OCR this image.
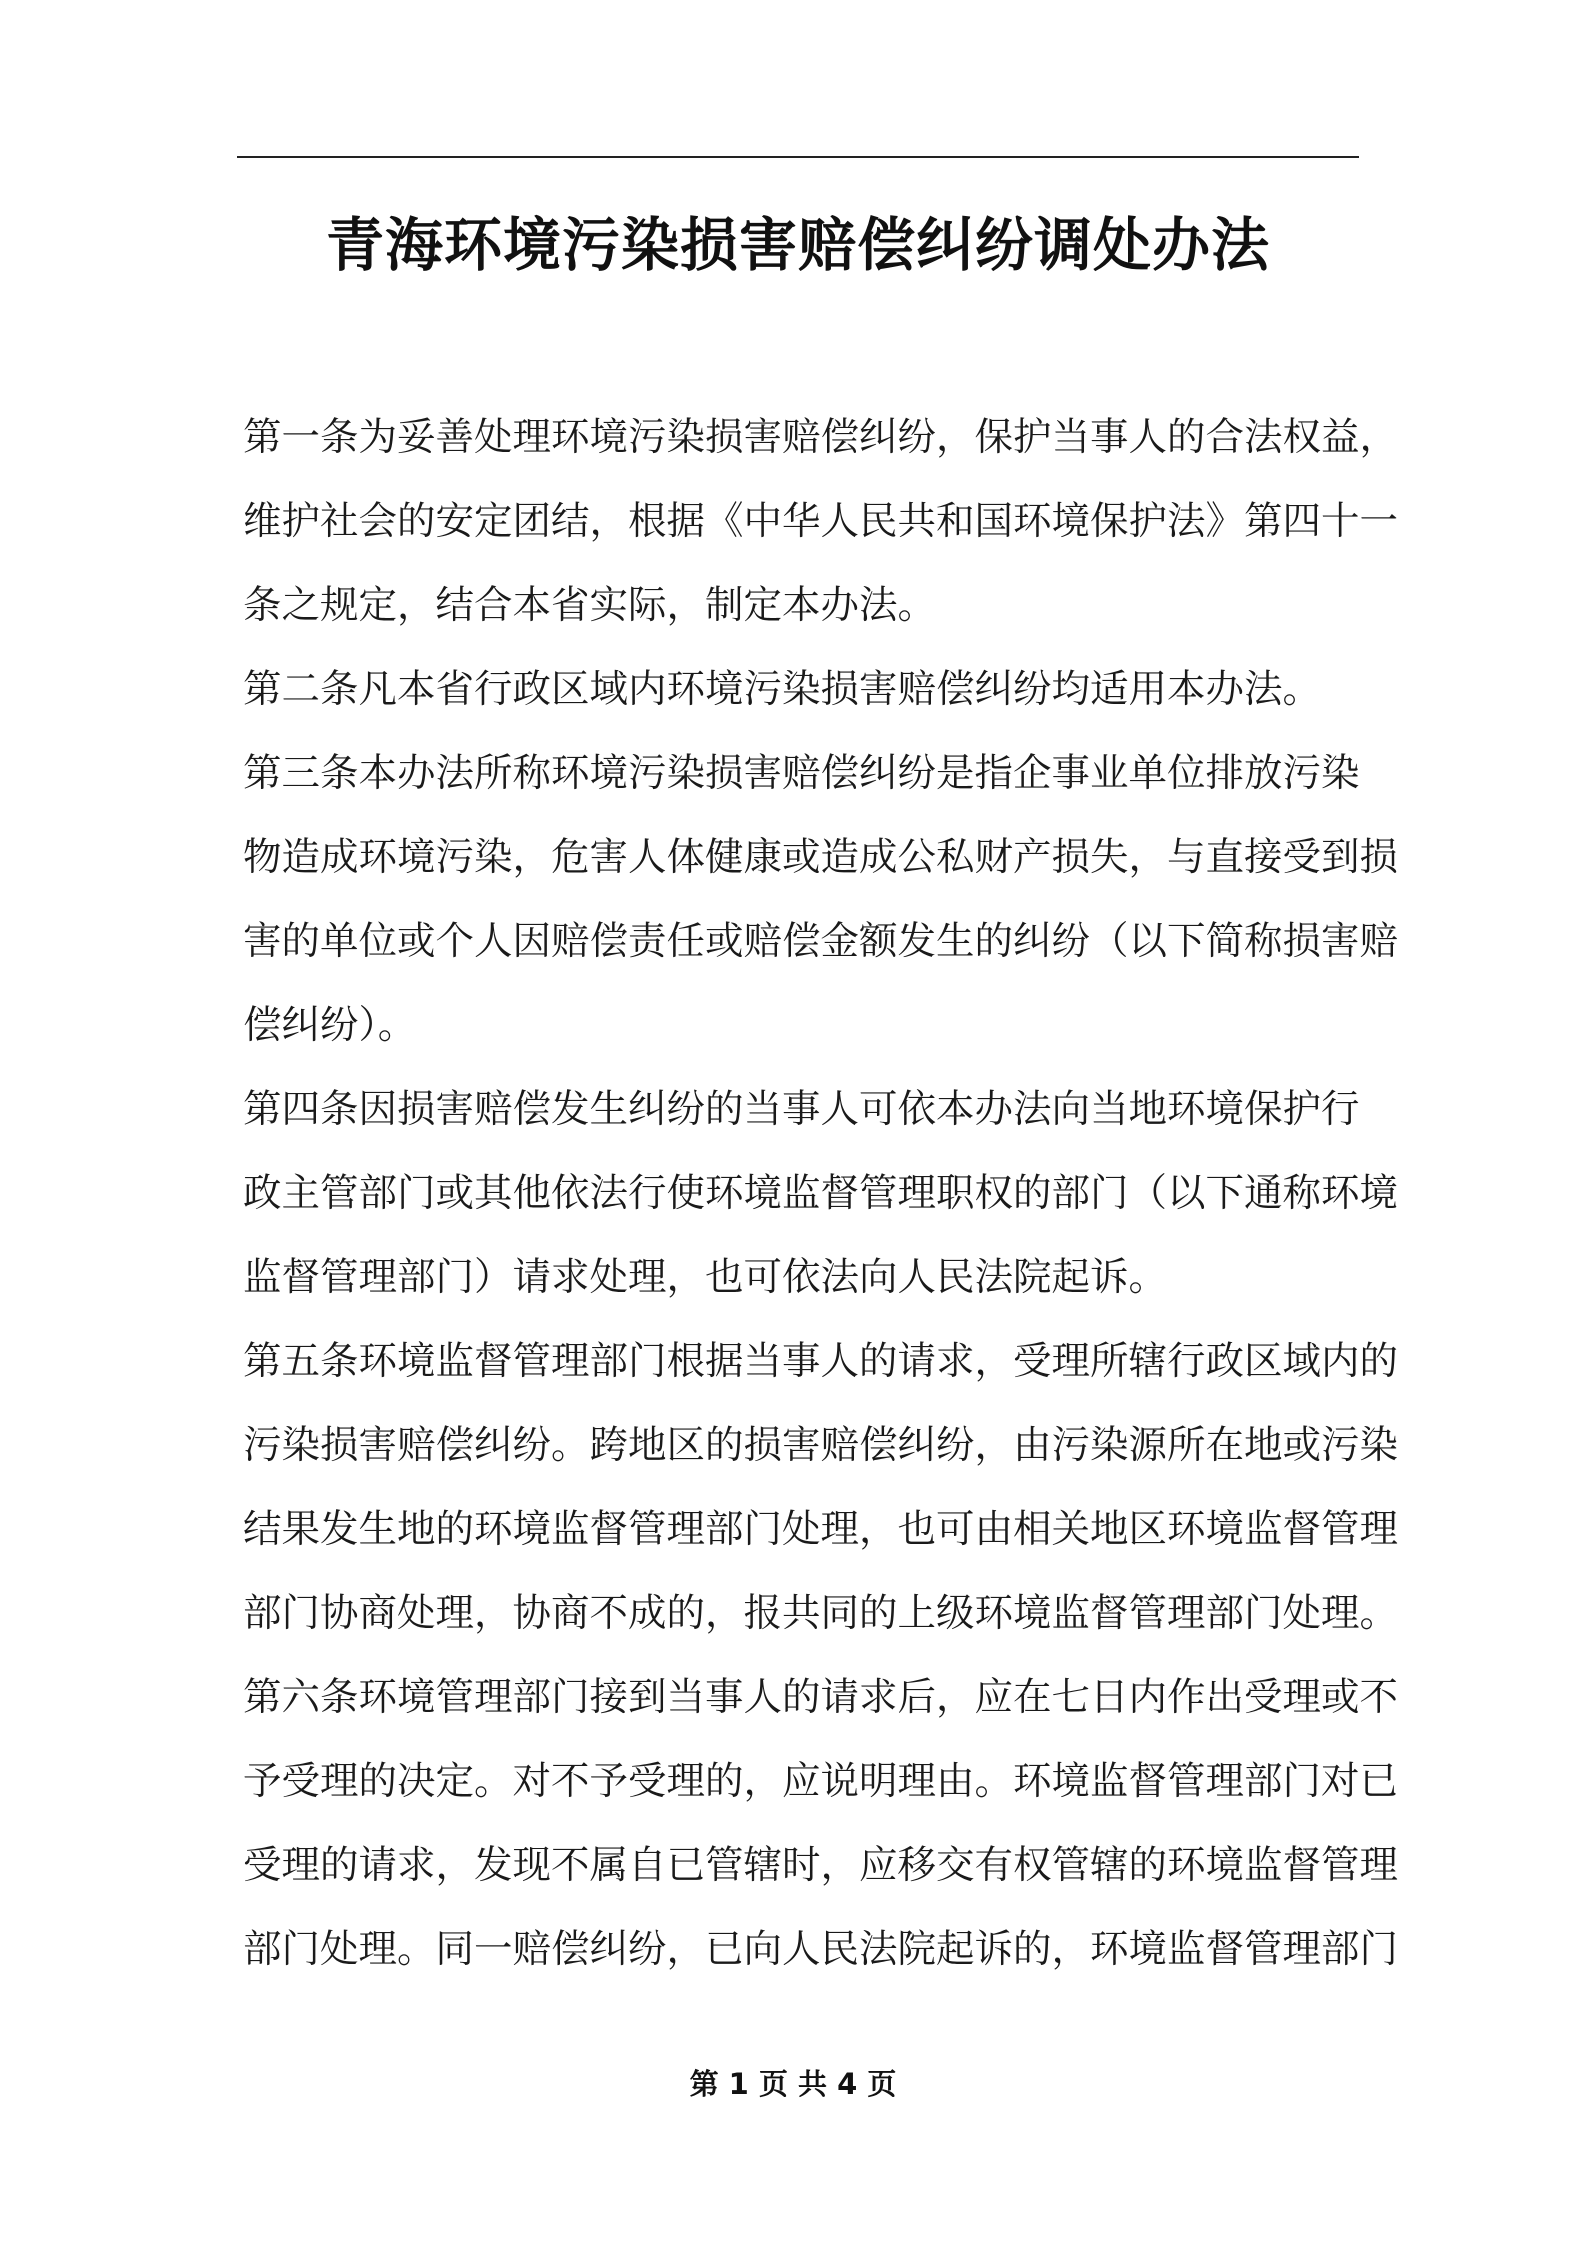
青海环境污染损害赔偿纠纷调处办法
第一条为妥善处理环境污染损害赔偿纠纷，保护当事人的合法权益，
维护社会的安定团结，根据《中华人民共和国环境保护法》第四十一
条之规定，结合本省实际，制定本办法。
第二条凡本省行政区域内环境污染损害赔偿纠纷均适用本办法。
第三条本办法所称环境污染损害赔偿纠纷是指企事业单位排放污染
物造成环境污染，危害人体健康或造成公私财产损失，与直接受到损
害的单位或个人因赔偿责任或赔偿金额发生的纠纷（以下简称损害赔
偿纠纷）。
第四条因损害赔偿发生纠纷的当事人可依本办法向当地环境保护行
政主管部门或其他依法行使环境监督管理职权的部门（以下通称环境
监督管理部门）请求处理，也可依法向人民法院起诉。
第五条环境监督管理部门根据当事人的请求，受理所辖行政区域内的
污染损害赔偿纠纷。跨地区的损害赔偿纠纷，由污染源所在地或污染
结果发生地的环境监督管理部门处理，也可由相关地区环境监督管理
部门协商处理，协商不成的，报共同的上级环境监督管理部门处理。
第六条环境管理部门接到当事人的请求后，应在七日内作出受理或不
予受理的决定。对不予受理的，应说明理由。环境监督管理部门对已
受理的请求，发现不属自已管辖时，应移交有权管辖的环境监督管理
部门处理。同一赔偿纠纷，已向人民法院起诉的，环境监督管理部门
第 1 页 共 4 页
